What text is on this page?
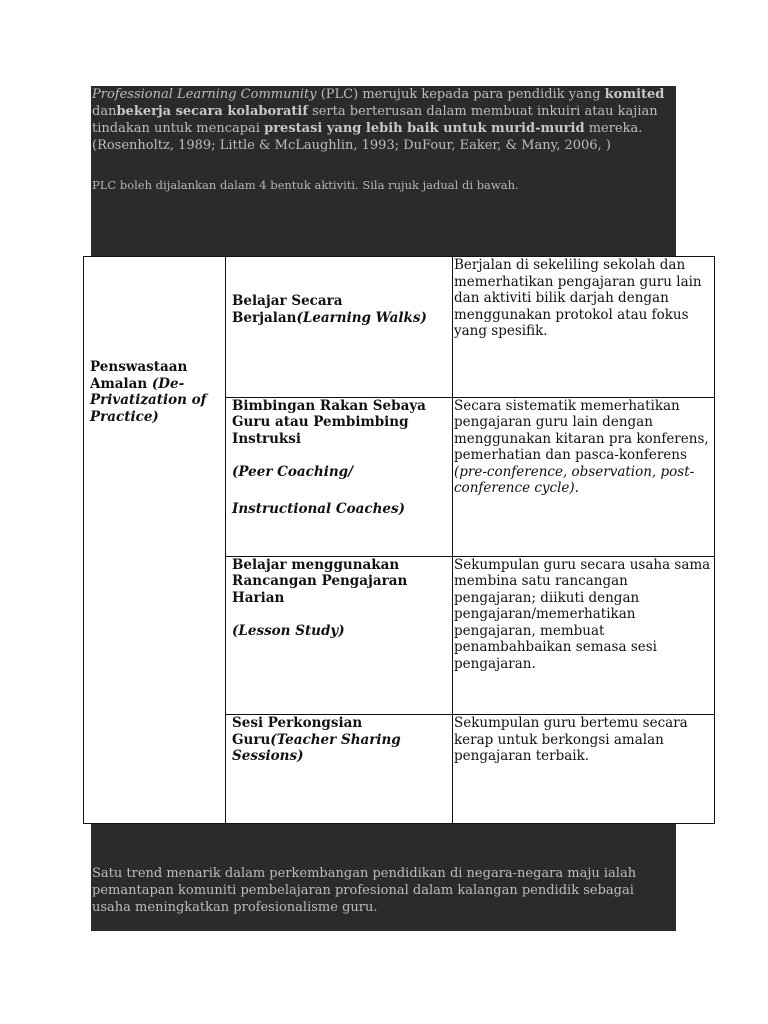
Professional Learning Community (PLC) merujuk kepada para pendidik yang komited danbekerja secara kolaboratif serta berterusan dalam membuat inkuiri atau kajian tindakan untuk mencapai prestasi yang lebih baik untuk murid-murid mereka.(Rosenholtz, 1989; Little & McLaughlin, 1993; DuFour, Eaker, & Many, 2006, )

PLC boleh dijalankan dalam 4 bentuk aktiviti. Sila rujuk jadual di bawah.

Penswastaan Amalan (De-Privatization of Practice)	Belajar Secara Berjalan(Learning Walks)	Berjalan di sekeliling sekolah dan memerhatikan pengajaran guru lain dan aktiviti bilik darjah dengan menggunakan protokol atau fokus yang spesifik.
	Bimbingan Rakan Sebaya Guru atau Pembimbing Instruksi
(Peer Coaching/
Instructional Coaches)	Secara sistematik memerhatikan pengajaran guru lain dengan menggunakan kitaran pra konferens, pemerhatian dan pasca-konferens (pre-conference, observation, post-conference cycle).
	Belajar menggunakan Rancangan Pengajaran Harian
(Lesson Study)	Sekumpulan guru secara usaha sama membina satu rancangan pengajaran; diikuti dengan pengajaran/memerhatikan pengajaran, membuat penambahbaikan semasa sesi pengajaran.
	Sesi Perkongsian Guru(Teacher Sharing Sessions)	Sekumpulan guru bertemu secara kerap untuk berkongsi amalan pengajaran terbaik.

Satu trend menarik dalam perkembangan pendidikan di negara-negara maju ialah pemantapan komuniti pembelajaran profesional dalam kalangan pendidik sebagai usaha meningkatkan profesionalisme guru.
